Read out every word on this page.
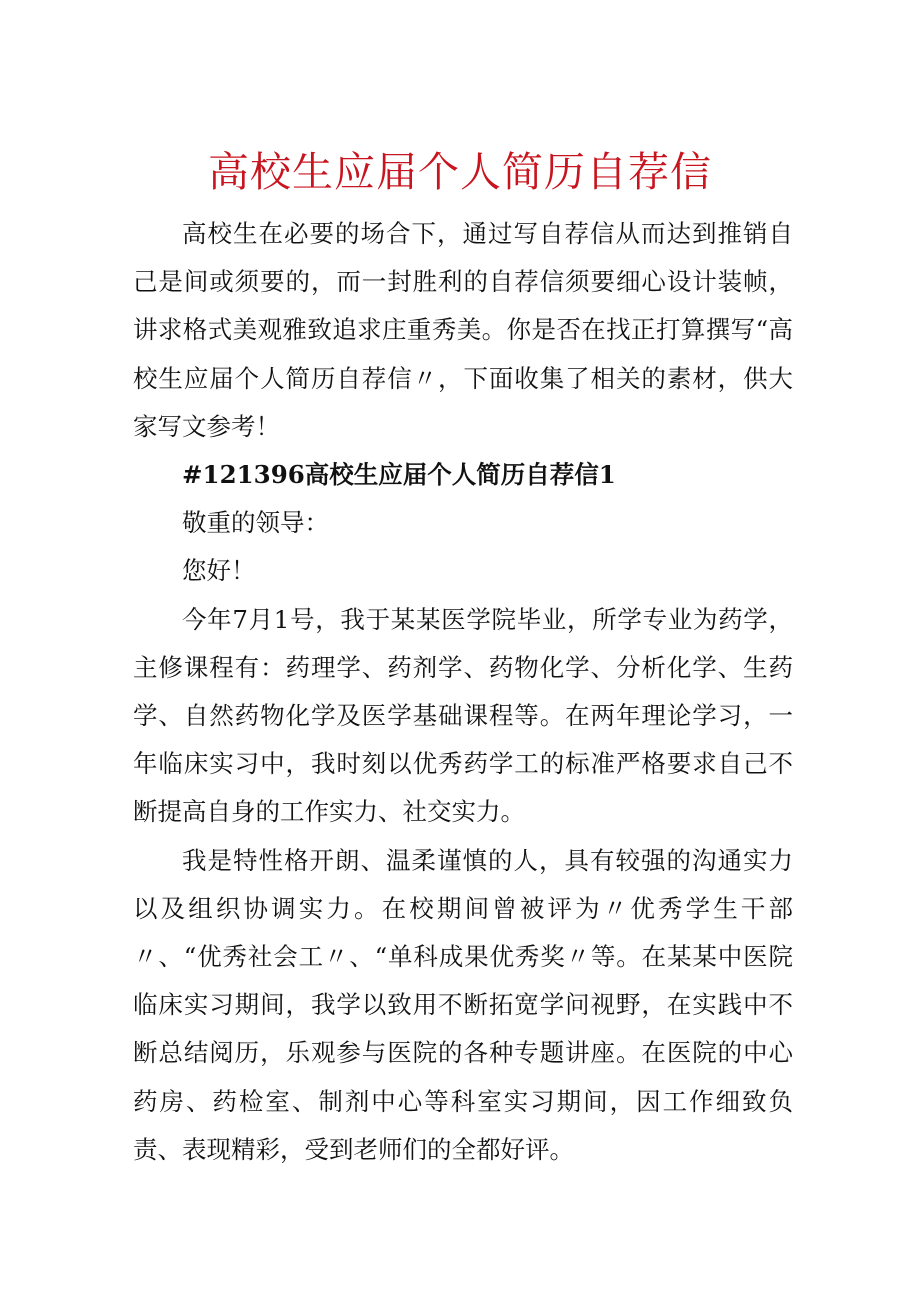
高校生应届个人简历自荐信

高校生在必要的场合下，通过写自荐信从而达到推销自己是间或须要的，而一封胜利的自荐信须要细心设计装帧，讲求格式美观雅致追求庄重秀美。你是否在找正打算撰写“高校生应届个人简历自荐信〃，下面收集了相关的素材，供大家写文参考！

#121396高校生应届个人简历自荐信1

敬重的领导：

您好！

今年7月1号，我于某某医学院毕业，所学专业为药学，主修课程有：药理学、药剂学、药物化学、分析化学、生药学、自然药物化学及医学基础课程等。在两年理论学习，一年临床实习中，我时刻以优秀药学工的标准严格要求自己不断提高自身的工作实力、社交实力。

我是特性格开朗、温柔谨慎的人，具有较强的沟通实力以及组织协调实力。在校期间曾被评为〃优秀学生干部〃、“优秀社会工〃、“单科成果优秀奖〃等。在某某中医院临床实习期间，我学以致用不断拓宽学问视野，在实践中不断总结阅历，乐观参与医院的各种专题讲座。在医院的中心药房、药检室、制剂中心等科室实习期间，因工作细致负责、表现精彩，受到老师们的全都好评。
